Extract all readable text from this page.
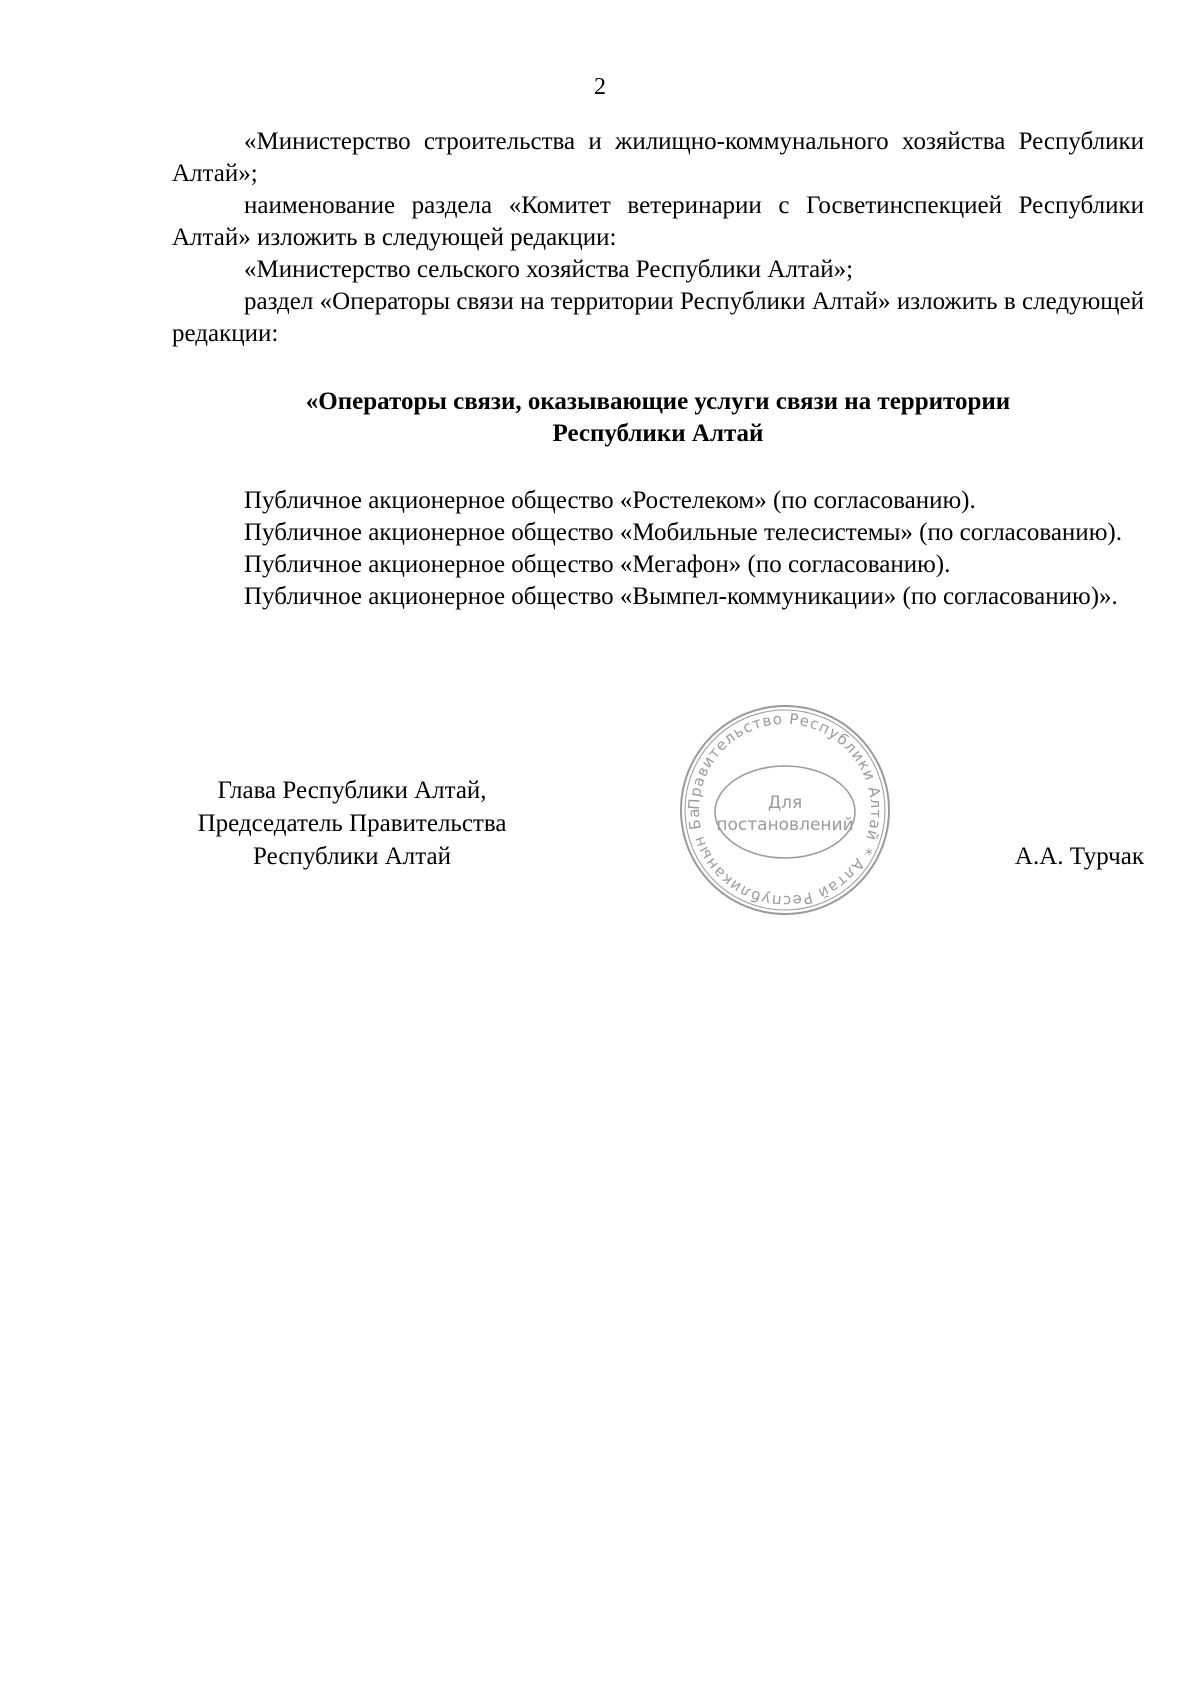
2

«Министерство строительства и жилищно-коммунального хозяйства Республики Алтай»;

наименование раздела «Комитет ветеринарии с Госветинспекцией Республики Алтай» изложить в следующей редакции:

«Министерство сельского хозяйства Республики Алтай»;

раздел «Операторы связи на территории Республики Алтай» изложить в следующей редакции:

«Операторы связи, оказывающие услуги связи на территории
Республики Алтай

Публичное акционерное общество «Ростелеком» (по согласованию).

Публичное акционерное общество «Мобильные телесистемы» (по согласованию).

Публичное акционерное общество «Мегафон» (по согласованию).

Публичное акционерное общество «Вымпел-коммуникации» (по согласованию)».

Глава Республики Алтай,
Председатель Правительства
Республики Алтай
Правительство Республики Алтай * Алтай Республиканын Ба	Для
постановлений
А.А. Турчак
